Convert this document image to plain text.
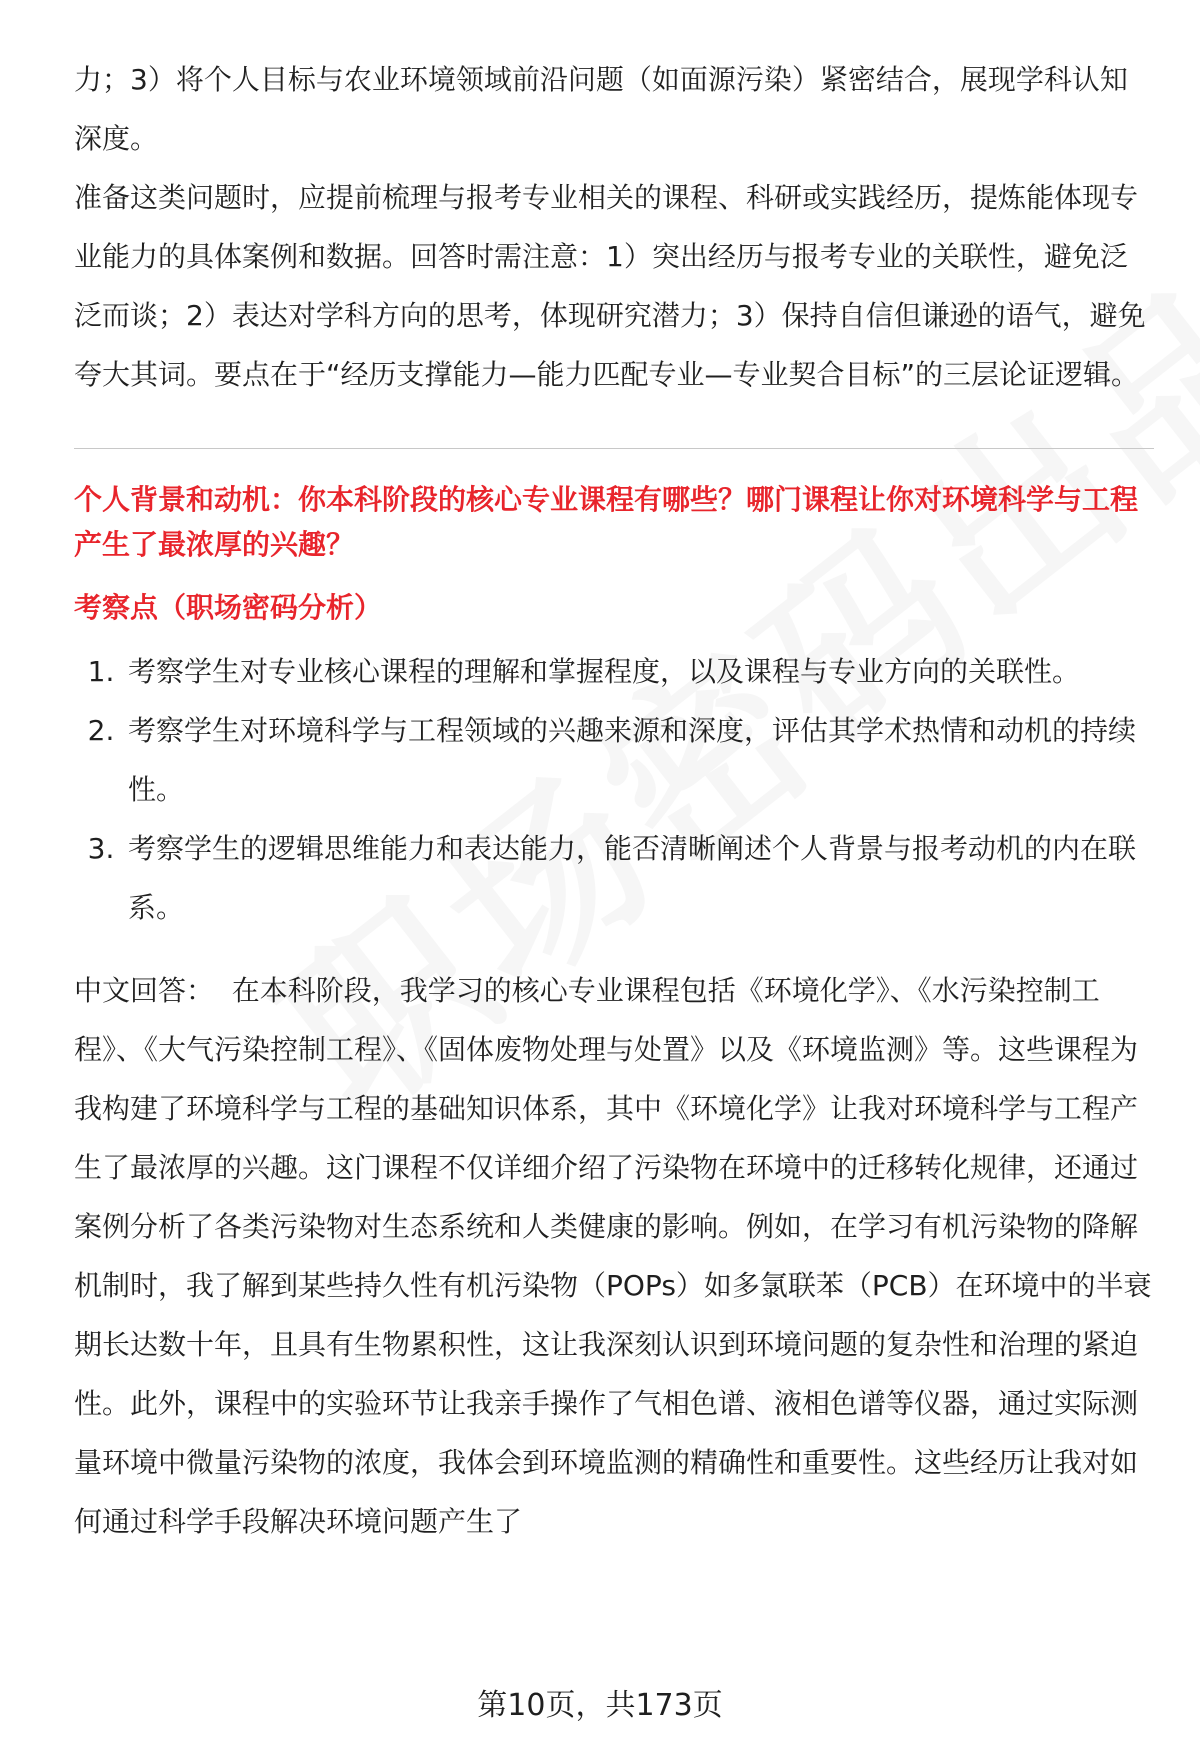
力；3）将个人目标与农业环境领域前沿问题（如面源污染）紧密结合，展现学科认知深度。

准备这类问题时，应提前梳理与报考专业相关的课程、科研或实践经历，提炼能体现专业能力的具体案例和数据。回答时需注意：1）突出经历与报考专业的关联性，避免泛泛而谈；2）表达对学科方向的思考，体现研究潜力；3）保持自信但谦逊的语气，避免夸大其词。要点在于“经历支撑能力—能力匹配专业—专业契合目标”的三层论证逻辑。

个人背景和动机：你本科阶段的核心专业课程有哪些？哪门课程让你对环境科学与工程产生了最浓厚的兴趣？

考察点（职场密码分析）

1. 考察学生对专业核心课程的理解和掌握程度，以及课程与专业方向的关联性。
2. 考察学生对环境科学与工程领域的兴趣来源和深度，评估其学术热情和动机的持续性。
3. 考察学生的逻辑思维能力和表达能力，能否清晰阐述个人背景与报考动机的内在联系。

中文回答：  在本科阶段，我学习的核心专业课程包括《环境化学》、《水污染控制工程》、《大气污染控制工程》、《固体废物处理与处置》以及《环境监测》等。这些课程为我构建了环境科学与工程的基础知识体系，其中《环境化学》让我对环境科学与工程产生了最浓厚的兴趣。这门课程不仅详细介绍了污染物在环境中的迁移转化规律，还通过案例分析了各类污染物对生态系统和人类健康的影响。例如，在学习有机污染物的降解机制时，我了解到某些持久性有机污染物（POPs）如多氯联苯（PCB）在环境中的半衰期长达数十年，且具有生物累积性，这让我深刻认识到环境问题的复杂性和治理的紧迫性。此外，课程中的实验环节让我亲手操作了气相色谱、液相色谱等仪器，通过实际测量环境中微量污染物的浓度，我体会到环境监测的精确性和重要性。这些经历让我对如何通过科学手段解决环境问题产生了

第10页，共173页
